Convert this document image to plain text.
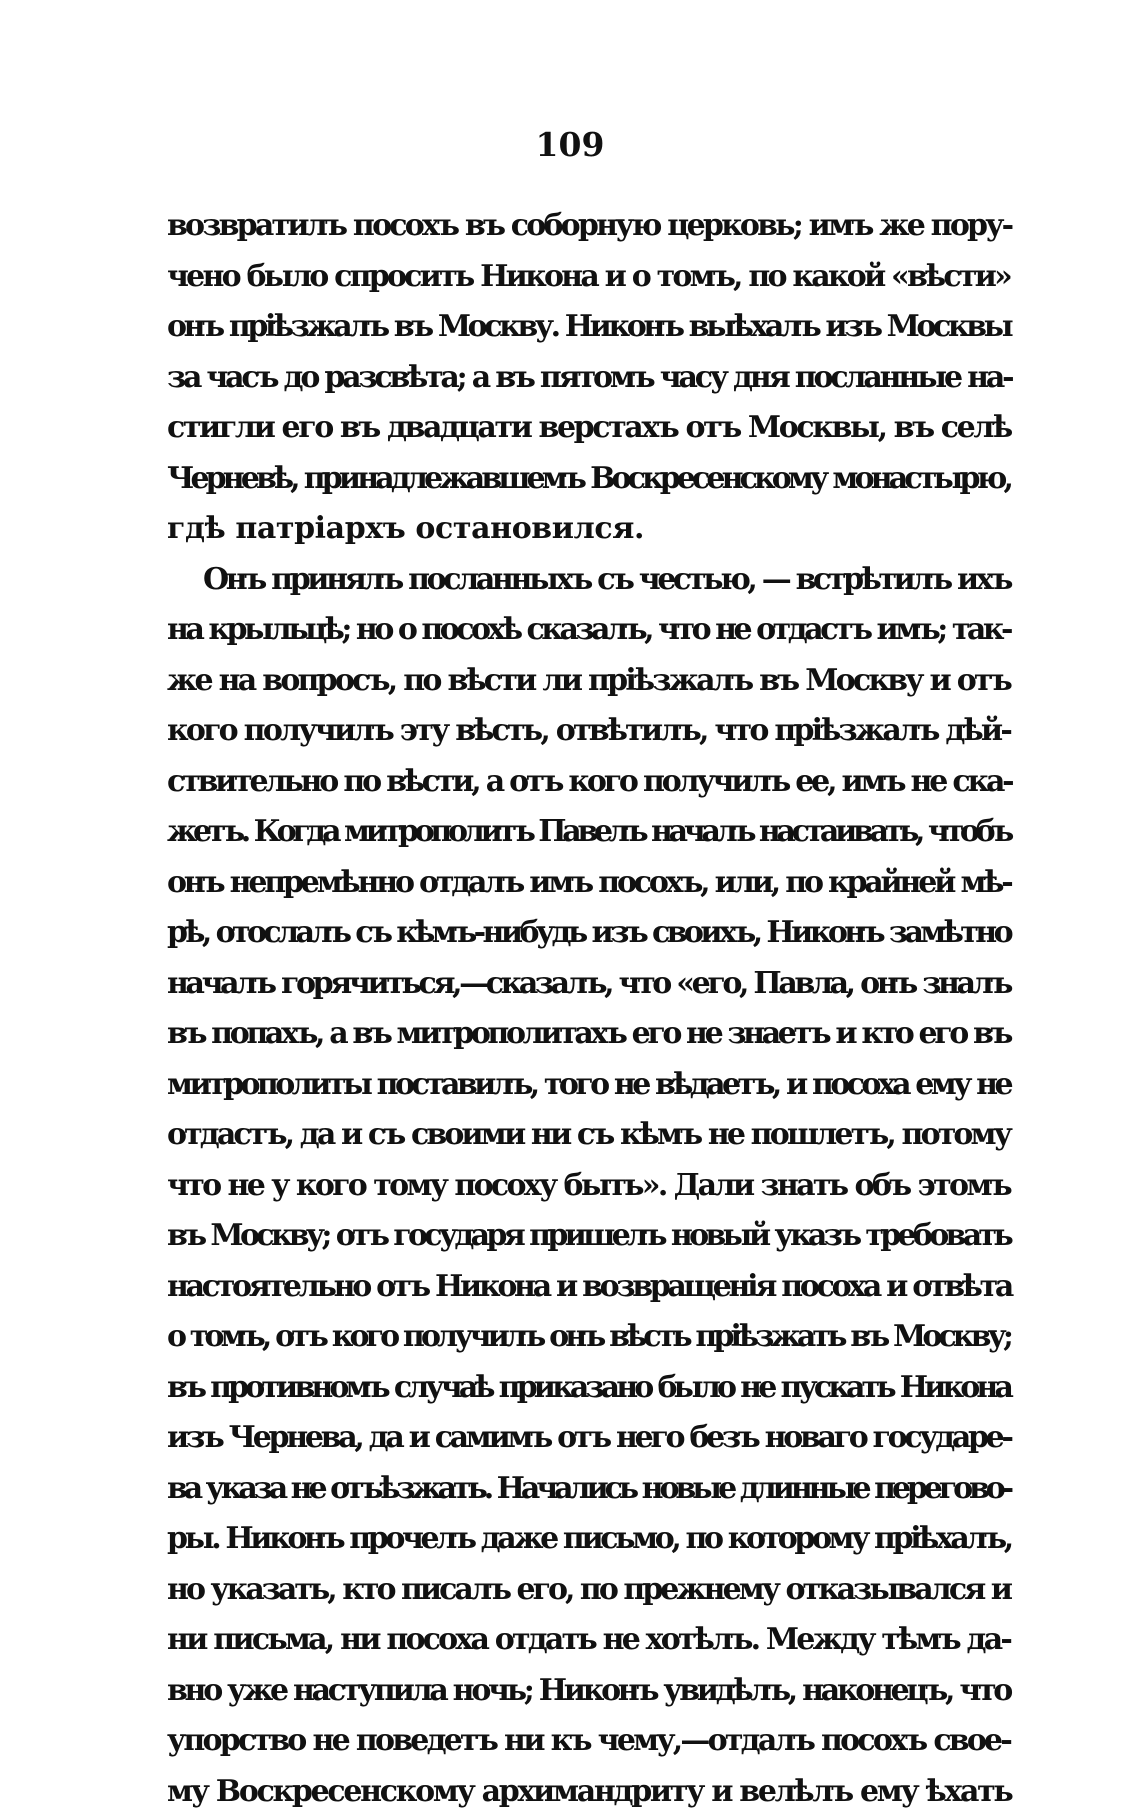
109
возвратилъ посохъ въ соборную церковь; имъ же пору-
чено было спросить Никона и о томъ, по какой «вѣсти»
онъ прiѣзжалъ въ Москву. Никонъ выѣхалъ изъ Москвы
за часъ до разсвѣта; а въ пятомъ часу дня посланные на-
стигли его въ двадцати верстахъ отъ Москвы, въ селѣ
Черневѣ, принадлежавшемъ Воскресенскому монастырю,
гдѣ патрiархъ остановился.
Онъ принялъ посланныхъ съ честью, — встрѣтилъ ихъ
на крыльцѣ; но о посохѣ сказалъ, что не отдастъ имъ; так-
же на вопросъ, по вѣсти ли прiѣзжалъ въ Москву и отъ
кого получилъ эту вѣсть, отвѣтилъ, что прiѣзжалъ дѣй-
ствительно по вѣсти, а отъ кого получилъ ее, имъ не ска-
жетъ. Когда митрополитъ Павелъ началъ настаивать, чтобъ
онъ непремѣнно отдалъ имъ посохъ, или, по крайней мѣ-
рѣ, отослалъ съ кѣмъ-нибудь изъ своихъ, Никонъ замѣтно
началъ горячиться,—сказалъ, что «его, Павла, онъ зналъ
въ попахъ, а въ митрополитахъ его не знаетъ и кто его въ
митрополиты поставилъ, того не вѣдаетъ, и посоха ему не
отдастъ, да и съ своими ни съ кѣмъ не пошлетъ, потому
что не у кого тому посоху быть». Дали знать объ этомъ
въ Москву; отъ государя пришелъ новый указъ требовать
настоятельно отъ Никона и возвращенiя посоха и отвѣта
о томъ, отъ кого получилъ онъ вѣсть прiѣзжать въ Москву;
въ противномъ случаѣ приказано было не пускать Никона
изъ Чернева, да и самимъ отъ него безъ новаго государе-
ва указа не отъѣзжать. Начались новые длинные перегово-
ры. Никонъ прочелъ даже письмо, по которому прiѣхалъ,
но указать, кто писалъ его, по прежнему отказывался и
ни письма, ни посоха отдать не хотѣлъ. Между тѣмъ да-
вно уже наступила ночь; Никонъ увидѣлъ, наконецъ, что
упорство не поведетъ ни къ чему,—отдалъ посохъ свое-
му Воскресенскому архимандриту и велѣлъ ему ѣхать
